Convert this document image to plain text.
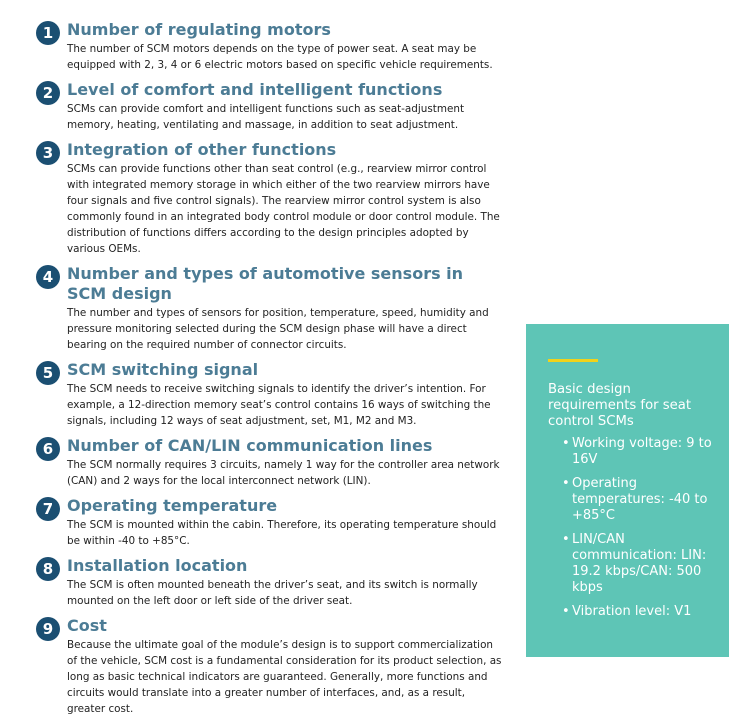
1 Number of regulating motors

The number of SCM motors depends on the type of power seat. A seat may be equipped with 2, 3, 4 or 6 electric motors based on specific vehicle requirements.

2 Level of comfort and intelligent functions

SCMs can provide comfort and intelligent functions such as seat-adjustment memory, heating, ventilating and massage, in addition to seat adjustment.

3 Integration of other functions

SCMs can provide functions other than seat control (e.g., rearview mirror control with integrated memory storage in which either of the two rearview mirrors have four signals and five control signals). The rearview mirror control system is also commonly found in an integrated body control module or door control module. The distribution of functions differs according to the design principles adopted by various OEMs.

4 Number and types of automotive sensors in SCM design

The number and types of sensors for position, temperature, speed, humidity and pressure monitoring selected during the SCM design phase will have a direct bearing on the required number of connector circuits.

5 SCM switching signal

The SCM needs to receive switching signals to identify the driver’s intention. For example, a 12-direction memory seat’s control contains 16 ways of switching the signals, including 12 ways of seat adjustment, set, M1, M2 and M3.

6 Number of CAN/LIN communication lines

The SCM normally requires 3 circuits, namely 1 way for the controller area network (CAN) and 2 ways for the local interconnect network (LIN).

7 Operating temperature

The SCM is mounted within the cabin. Therefore, its operating temperature should be within -40 to +85°C.

8 Installation location

The SCM is often mounted beneath the driver’s seat, and its switch is normally mounted on the left door or left side of the driver seat.

9 Cost

Because the ultimate goal of the module’s design is to support commercialization of the vehicle, SCM cost is a fundamental consideration for its product selection, as long as basic technical indicators are guaranteed. Generally, more functions and circuits would translate into a greater number of interfaces, and, as a result, greater cost.

Basic design requirements for seat control SCMs
• Working voltage: 9 to 16V
• Operating temperatures: -40 to +85°C
• LIN/CAN communication: LIN: 19.2 kbps/CAN: 500 kbps
• Vibration level: V1
